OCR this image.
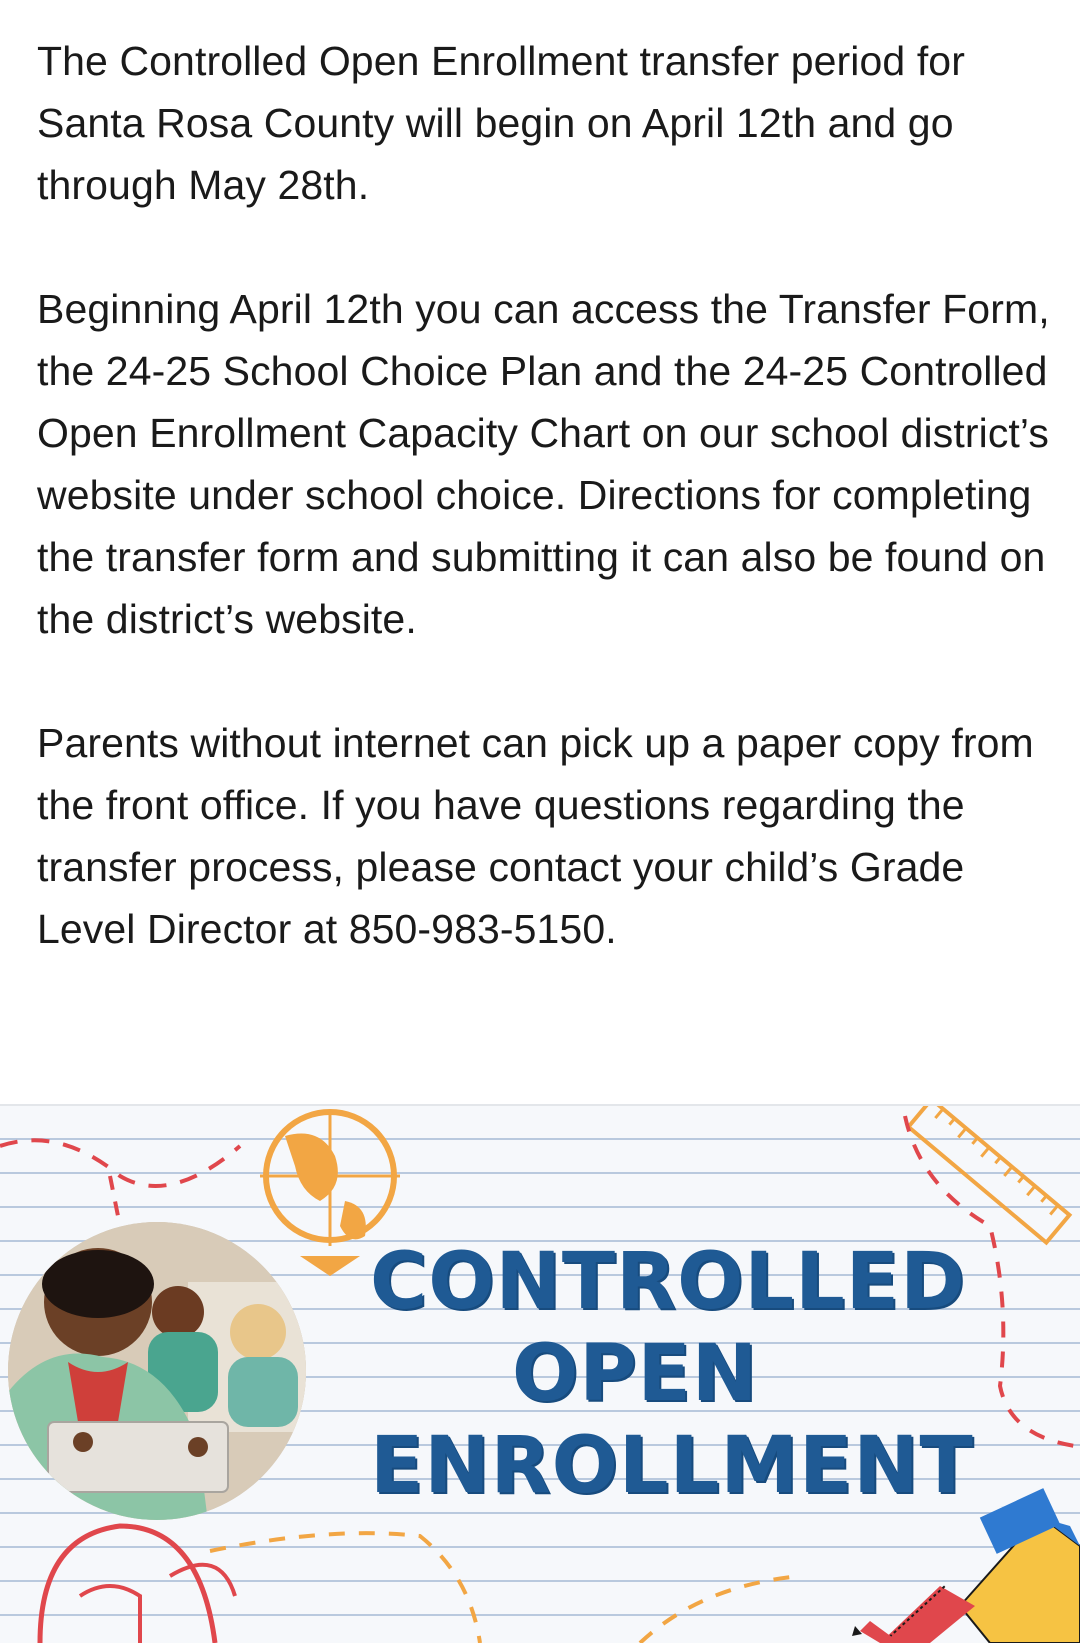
The Controlled Open Enrollment transfer period for Santa Rosa County will begin on April 12th and go through May 28th.

Beginning April 12th you can access the Transfer Form, the 24-25 School Choice Plan and the 24-25 Controlled Open Enrollment Capacity Chart on our school district’s website under school choice. Directions for completing the transfer form and submitting it can also be found on the district’s website.

Parents without internet can pick up a paper copy from the front office. If you have questions regarding the transfer process, please contact your child’s Grade Level Director at 850-983-5150.

CONTROLLED
OPEN
ENROLLMENT
